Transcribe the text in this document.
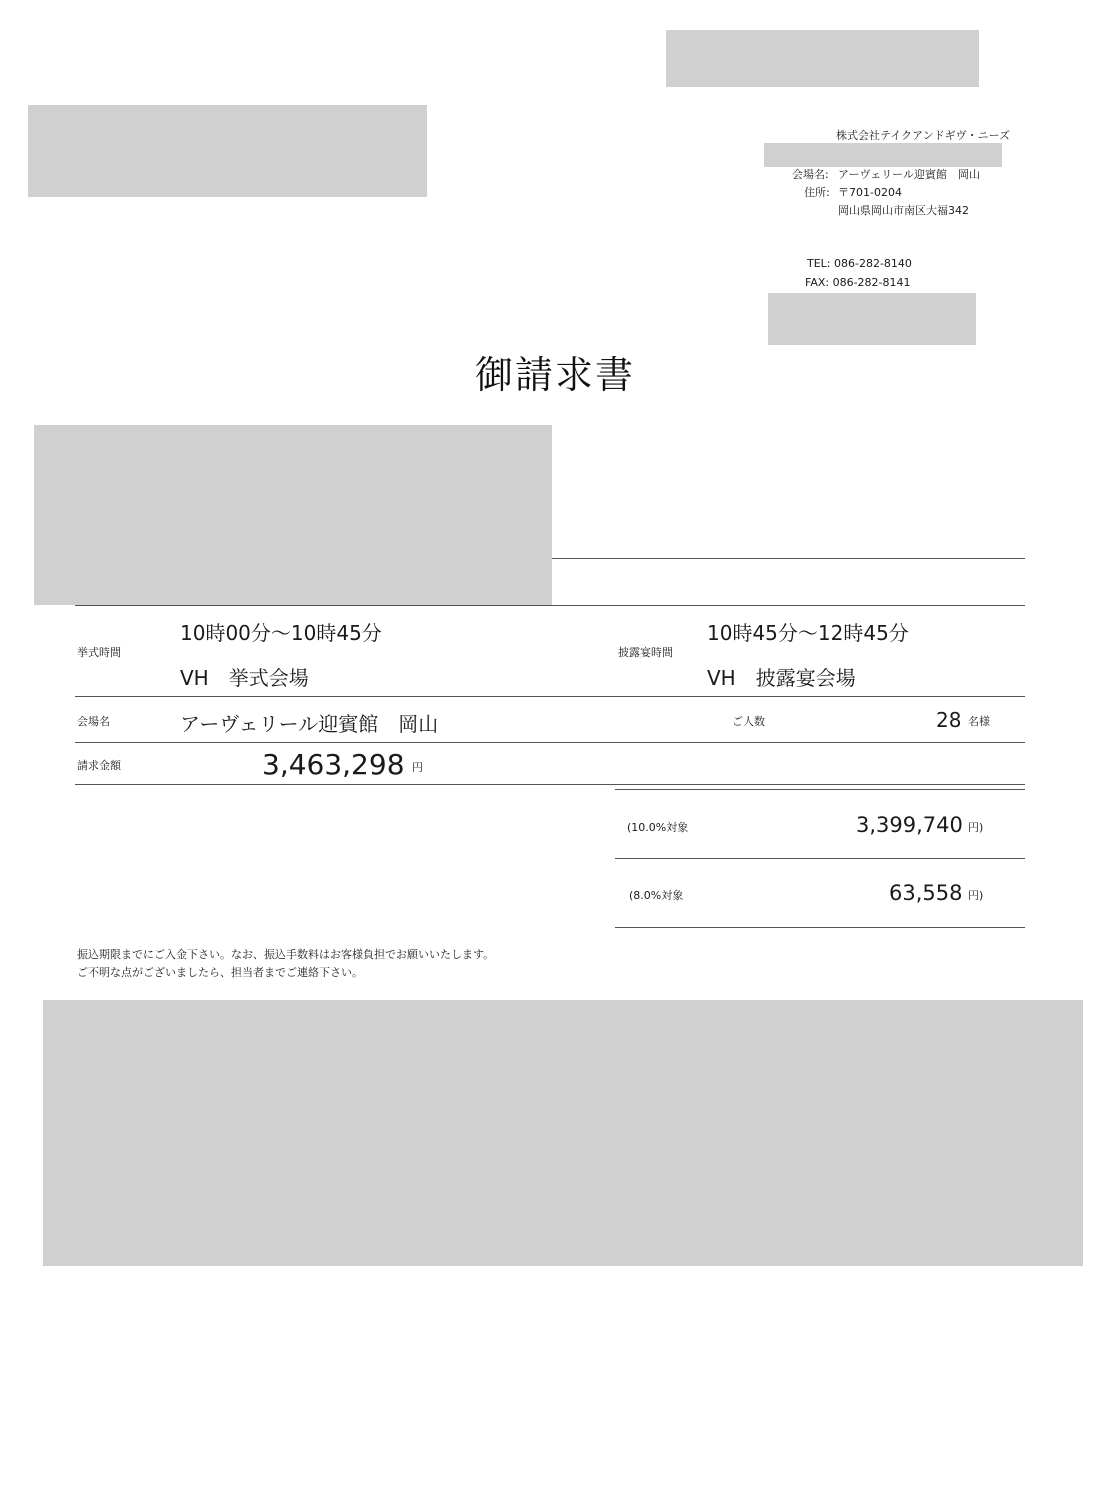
株式会社テイクアンドギヴ・ニーズ
会場名: アーヴェリール迎賓館　岡山
住所: 〒701-0204
岡山県岡山市南区大福342
TEL: 086-282-8140
FAX: 086-282-8141
御請求書
挙式時間
10時00分〜10時45分
VH　挙式会場
披露宴時間
10時45分〜12時45分
VH　披露宴会場
会場名	アーヴェリール迎賓館　岡山	ご人数	28 名様
請求金額	3,463,298 円
(10.0%対象	3,399,740 円)
(8.0%対象	63,558 円)
振込期限までにご入金下さい。なお、振込手数料はお客様負担でお願いいたします。
ご不明な点がございましたら、担当者までご連絡下さい。
